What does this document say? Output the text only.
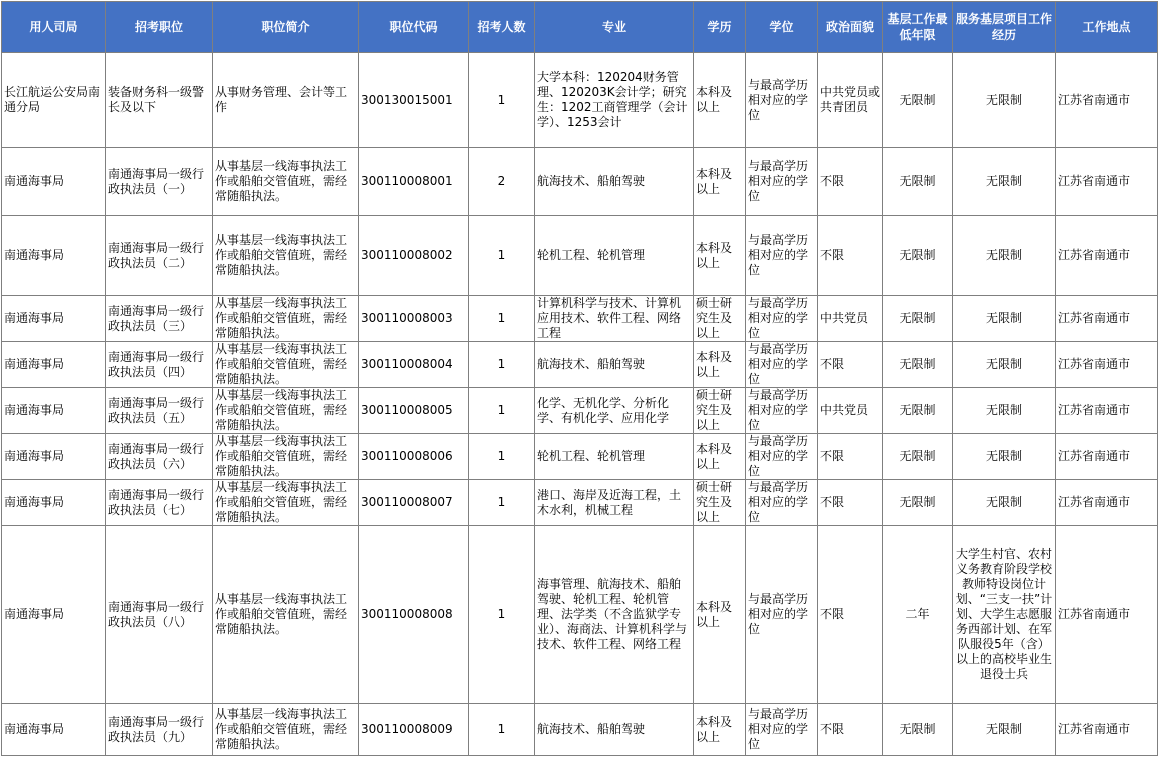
用人司局	招考职位	职位简介	职位代码	招考人数	专业	学历	学位	政治面貌	基层工作最低年限	服务基层项目工作经历	工作地点
长江航运公安局南通分局	装备财务科一级警长及以下	从事财务管理、会计等工作	300130015001	1	大学本科：120204财务管理、120203K会计学；研究生：1202工商管理学（会计学）、1253会计	本科及以上	与最高学历相对应的学位	中共党员或共青团员	无限制	无限制	江苏省南通市
南通海事局	南通海事局一级行政执法员（一）	从事基层一线海事执法工作或船舶交管值班，需经常随船执法。	300110008001	2	航海技术、船舶驾驶	本科及以上	与最高学历相对应的学位	不限	无限制	无限制	江苏省南通市
南通海事局	南通海事局一级行政执法员（二）	从事基层一线海事执法工作或船舶交管值班，需经常随船执法。	300110008002	1	轮机工程、轮机管理	本科及以上	与最高学历相对应的学位	不限	无限制	无限制	江苏省南通市
南通海事局	南通海事局一级行政执法员（三）	从事基层一线海事执法工作或船舶交管值班，需经常随船执法。	300110008003	1	计算机科学与技术、计算机应用技术、软件工程、网络工程	硕士研究生及以上	与最高学历相对应的学位	中共党员	无限制	无限制	江苏省南通市
南通海事局	南通海事局一级行政执法员（四）	从事基层一线海事执法工作或船舶交管值班，需经常随船执法。	300110008004	1	航海技术、船舶驾驶	本科及以上	与最高学历相对应的学位	不限	无限制	无限制	江苏省南通市
南通海事局	南通海事局一级行政执法员（五）	从事基层一线海事执法工作或船舶交管值班，需经常随船执法。	300110008005	1	化学、无机化学、分析化学、有机化学、应用化学	硕士研究生及以上	与最高学历相对应的学位	中共党员	无限制	无限制	江苏省南通市
南通海事局	南通海事局一级行政执法员（六）	从事基层一线海事执法工作或船舶交管值班，需经常随船执法。	300110008006	1	轮机工程、轮机管理	本科及以上	与最高学历相对应的学位	不限	无限制	无限制	江苏省南通市
南通海事局	南通海事局一级行政执法员（七）	从事基层一线海事执法工作或船舶交管值班，需经常随船执法。	300110008007	1	港口、海岸及近海工程，土木水利，机械工程	硕士研究生及以上	与最高学历相对应的学位	不限	无限制	无限制	江苏省南通市
南通海事局	南通海事局一级行政执法员（八）	从事基层一线海事执法工作或船舶交管值班，需经常随船执法。	300110008008	1	海事管理、航海技术、船舶驾驶、轮机工程、轮机管理、法学类（不含监狱学专业）、海商法、计算机科学与技术、软件工程、网络工程	本科及以上	与最高学历相对应的学位	不限	二年	大学生村官、农村义务教育阶段学校教师特设岗位计划、“三支一扶”计划、大学生志愿服务西部计划、在军队服役5年（含）以上的高校毕业生退役士兵	江苏省南通市
南通海事局	南通海事局一级行政执法员（九）	从事基层一线海事执法工作或船舶交管值班，需经常随船执法。	300110008009	1	航海技术、船舶驾驶	本科及以上	与最高学历相对应的学位	不限	无限制	无限制	江苏省南通市
